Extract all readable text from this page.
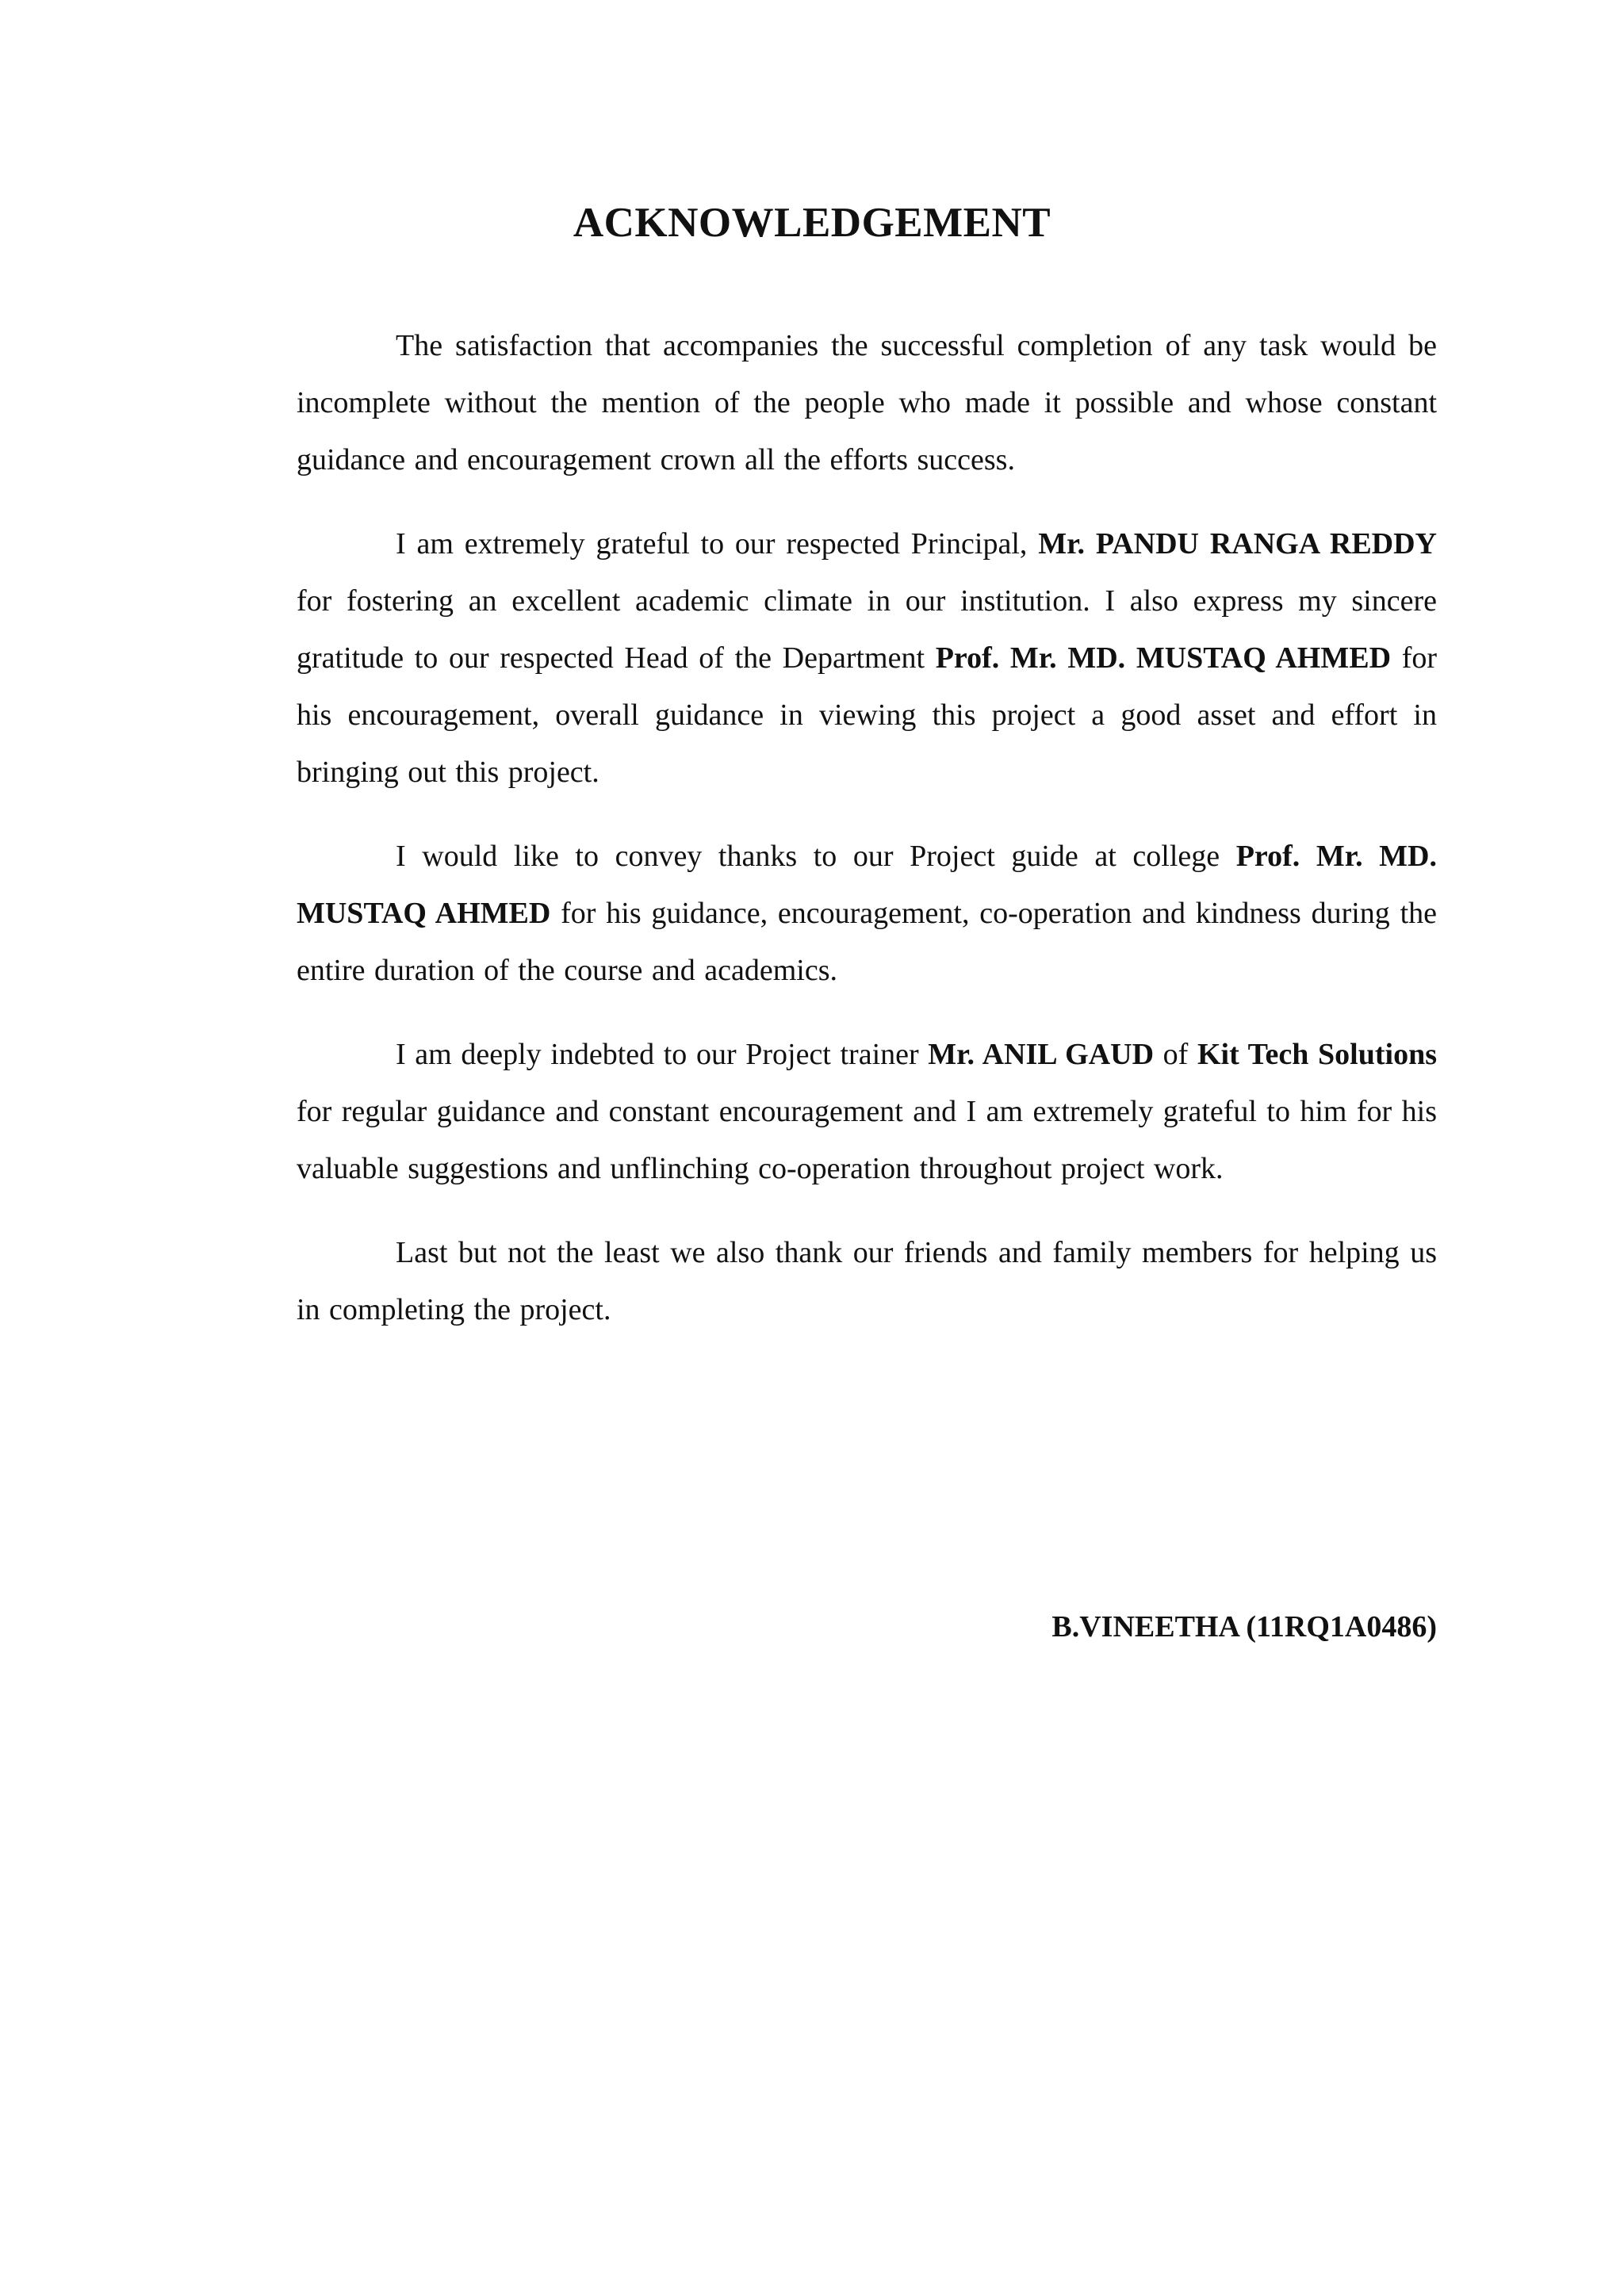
ACKNOWLEDGEMENT

The satisfaction that accompanies the successful completion of any task would be incomplete without the mention of the people who made it possible and whose constant guidance and encouragement crown all the efforts success.

I am extremely grateful to our respected Principal, Mr. PANDU RANGA REDDY for fostering an excellent academic climate in our institution. I also express my sincere gratitude to our respected Head of the Department Prof. Mr. MD. MUSTAQ AHMED for his encouragement, overall guidance in viewing this project a good asset and effort in bringing out this project.

I would like to convey thanks to our Project guide at college Prof. Mr. MD. MUSTAQ AHMED for his guidance, encouragement, co-operation and kindness during the entire duration of the course and academics.

I am deeply indebted to our Project trainer Mr. ANIL GAUD of Kit Tech Solutions for regular guidance and constant encouragement and I am extremely grateful to him for his valuable suggestions and unflinching co-operation throughout project work.

Last but not the least we also thank our friends and family members for helping us in completing the project.

B.VINEETHA (11RQ1A0486)
